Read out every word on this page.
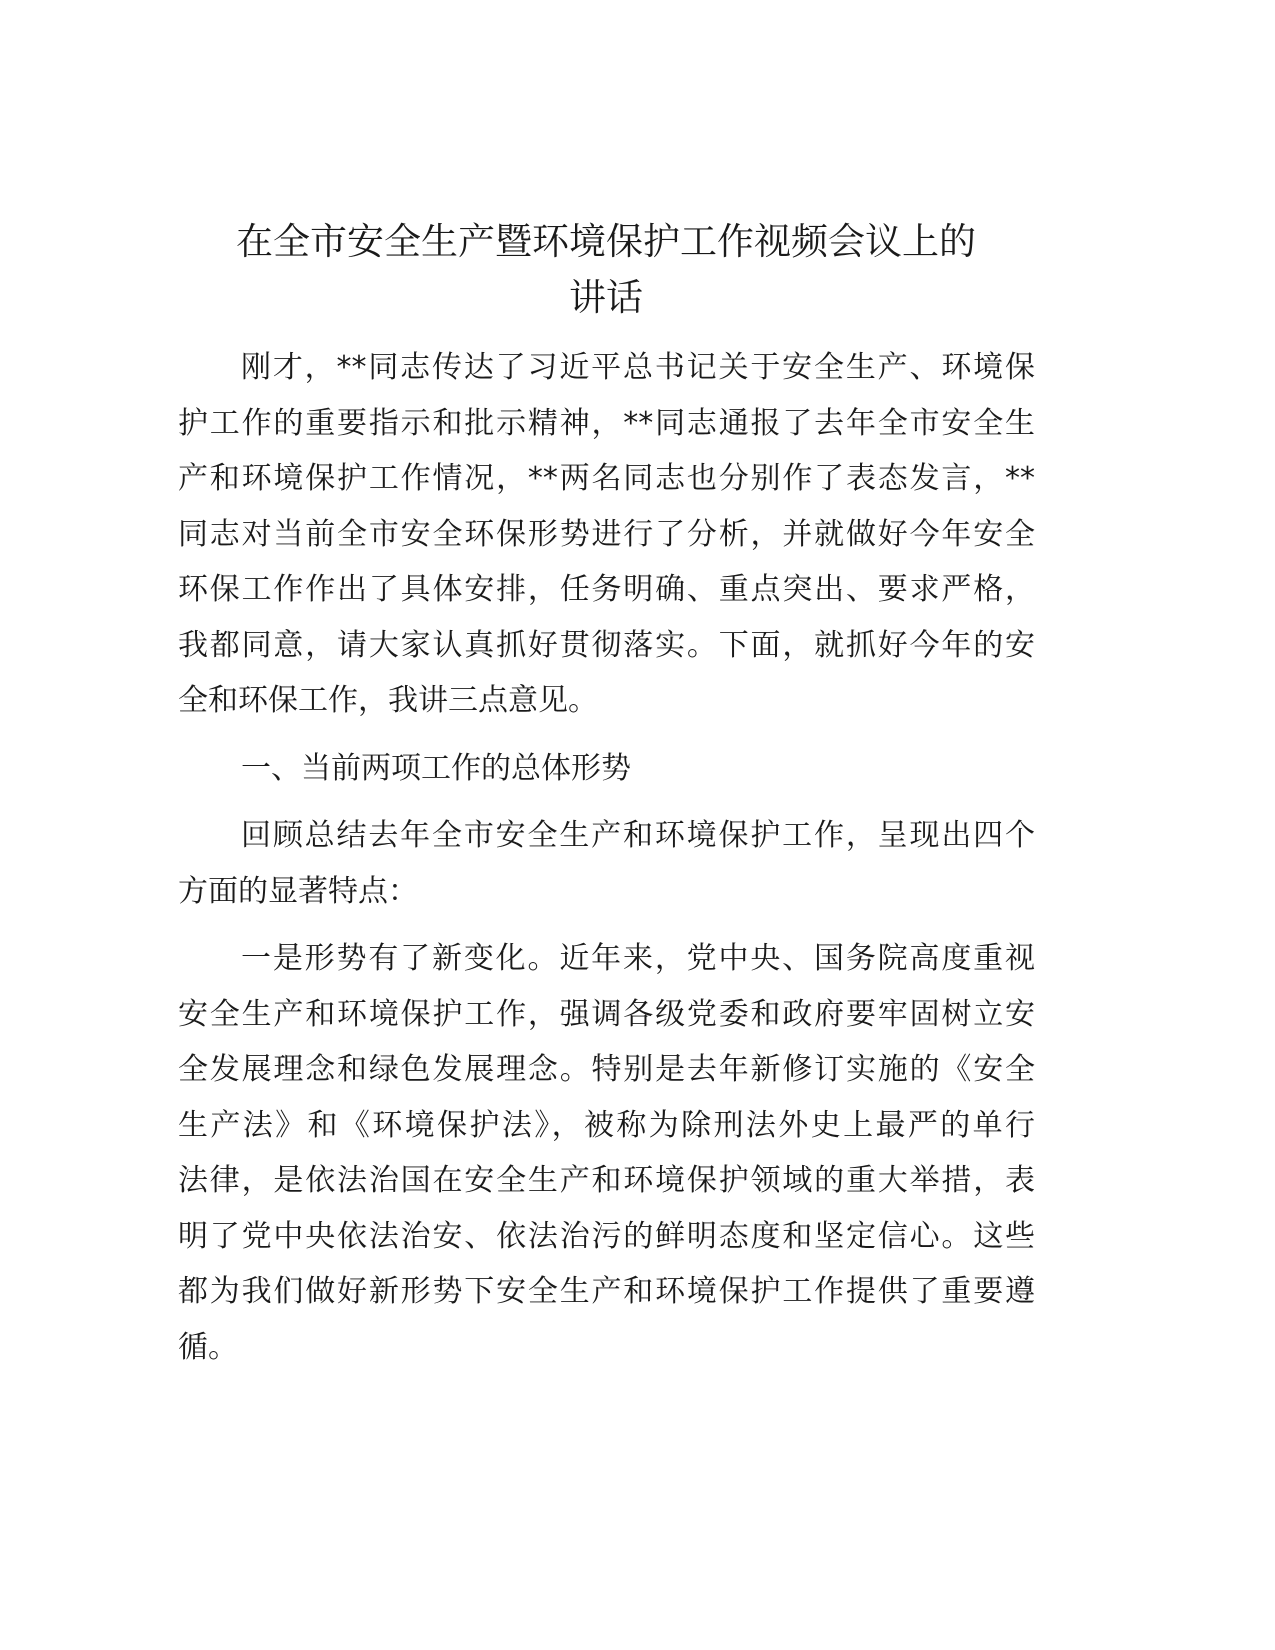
在全市安全生产暨环境保护工作视频会议上的
讲话
刚才，**同志传达了习近平总书记关于安全生产、环境保
护工作的重要指示和批示精神，**同志通报了去年全市安全生
产和环境保护工作情况，**两名同志也分别作了表态发言，**
同志对当前全市安全环保形势进行了分析，并就做好今年安全
环保工作作出了具体安排，任务明确、重点突出、要求严格，
我都同意，请大家认真抓好贯彻落实。下面，就抓好今年的安
全和环保工作，我讲三点意见。
一、当前两项工作的总体形势
回顾总结去年全市安全生产和环境保护工作，呈现出四个
方面的显著特点：
一是形势有了新变化。近年来，党中央、国务院高度重视
安全生产和环境保护工作，强调各级党委和政府要牢固树立安
全发展理念和绿色发展理念。特别是去年新修订实施的《安全
生产法》和《环境保护法》，被称为除刑法外史上最严的单行
法律，是依法治国在安全生产和环境保护领域的重大举措，表
明了党中央依法治安、依法治污的鲜明态度和坚定信心。这些
都为我们做好新形势下安全生产和环境保护工作提供了重要遵
循。
